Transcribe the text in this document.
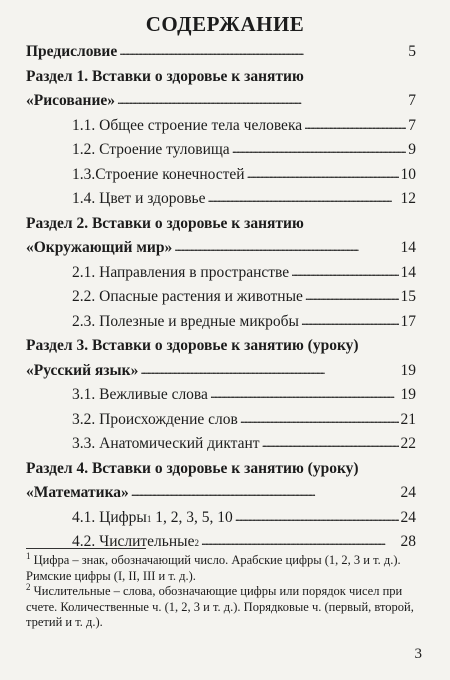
СОДЕРЖАНИЕ
Предисловие . . .	5
Раздел 1. Вставки о здоровье к занятию
«Рисование» . . .	7
1.1. Общее строение тела человека . . .	7
1.2. Строение туловища . . .	9
1.3.Строение конечностей . . .	10
1.4. Цвет и здоровье . . .	12
Раздел 2. Вставки о здоровье к занятию
«Окружающий мир» . . .	14
2.1. Направления в пространстве . . .	14
2.2. Опасные растения и животные . . .	15
2.3. Полезные и вредные микробы . . .	17
Раздел 3. Вставки о здоровье к занятию (уроку)
«Русский язык» . . .	19
3.1. Вежливые слова . . .	19
3.2. Происхождение слов . . .	21
3.3. Анатомический диктант . . .	22
Раздел 4. Вставки о здоровье к занятию (уроку)
«Математика» . . .	24
4.1. Цифры 1 1, 2, 3, 5, 10 . . .	24
4.2. Числительные 2 . . .	28

$^1$ Цифра – знак, обозначающий число. Арабские цифры (1, 2, 3 и т. д.). Римские цифры (I, II, III и т. д.).

$^2$ Числительные – слова, обозначающие цифры или порядок чисел при счете. Количественные ч. (1, 2, 3 и т. д.). Порядковые ч. (первый, второй, третий и т. д.).

3
